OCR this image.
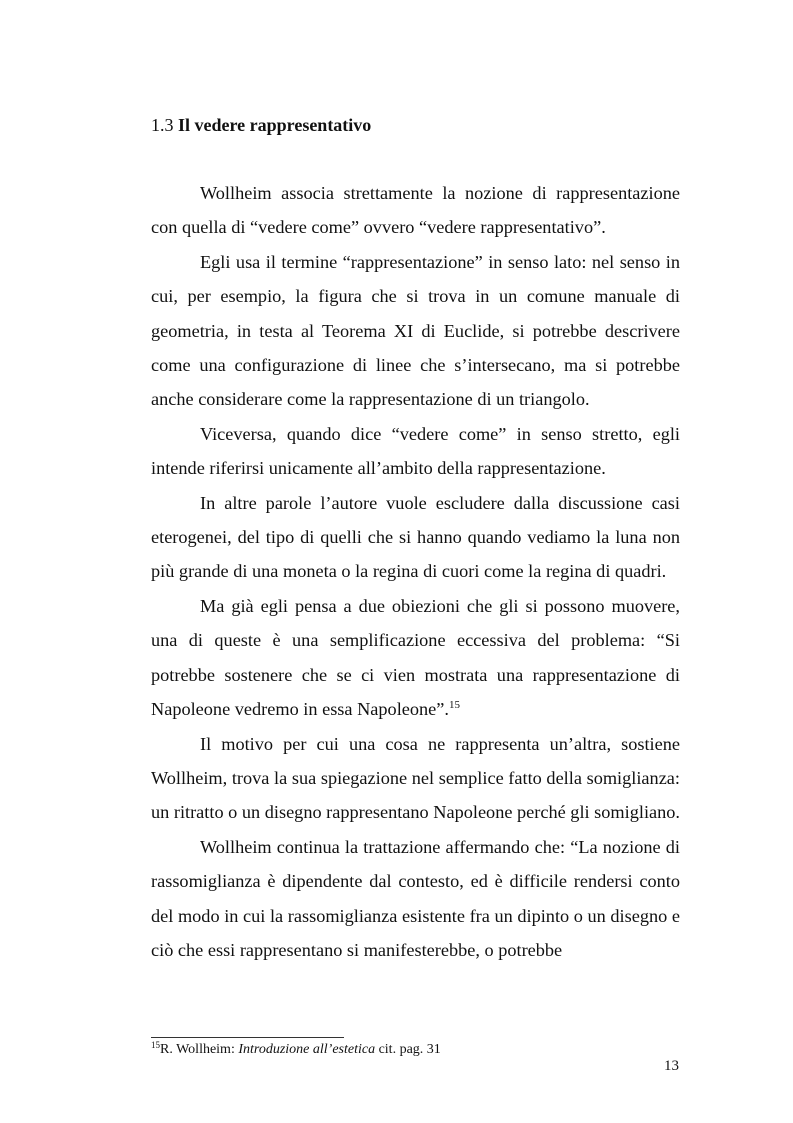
1.3 Il vedere rappresentativo

Wollheim associa strettamente la nozione di rappresentazione con quella di “vedere come” ovvero “vedere rappresentativo”.

Egli usa il termine “rappresentazione” in senso lato: nel senso in cui, per esempio, la figura che si trova in un comune manuale di geometria, in testa al Teorema XI di Euclide, si potrebbe descrivere come una configurazione di linee che s’intersecano, ma si potrebbe anche considerare come la rappresentazione di un triangolo.

Viceversa, quando dice “vedere come” in senso stretto, egli intende riferirsi unicamente all’ambito della rappresentazione.

In altre parole l’autore vuole escludere dalla discussione casi eterogenei, del tipo di quelli che si hanno quando vediamo la luna non più grande di una moneta o la regina di cuori come la regina di quadri.

Ma già egli pensa a due obiezioni che gli si possono muovere, una di queste è una semplificazione eccessiva del problema: “Si potrebbe sostenere che se ci vien mostrata una rappresentazione di Napoleone vedremo in essa Napoleone”.$^{15}$

Il motivo per cui una cosa ne rappresenta un’altra, sostiene Wollheim, trova la sua spiegazione nel semplice fatto della somiglianza: un ritratto o un disegno rappresentano Napoleone perché gli somigliano.

Wollheim continua la trattazione affermando che: “La nozione di rassomiglianza è dipendente dal contesto, ed è difficile rendersi conto del modo in cui la rassomiglianza esistente fra un dipinto o un disegno e ciò che essi rappresentano si manifesterebbe, o potrebbe

$^{15}$R. Wollheim: Introduzione all’estetica cit. pag. 31
13
